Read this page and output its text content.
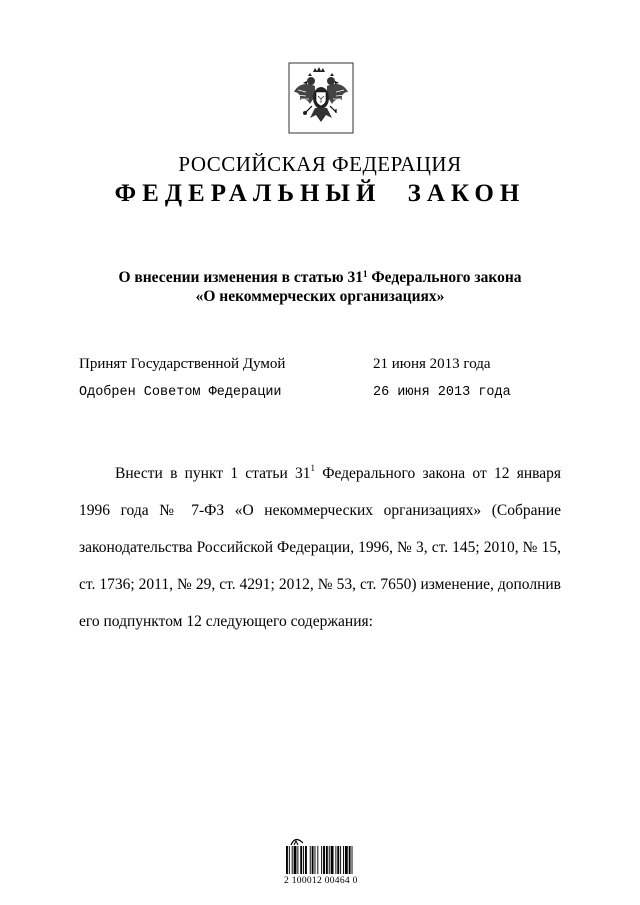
РОССИЙСКАЯ ФЕДЕРАЦИЯ
ФЕДЕРАЛЬНЫЙ ЗАКОН
О внесении изменения в статью $31^1$ Федерального закона
«О некоммерческих организациях»
Принят Государственной Думой	21 июня 2013 года
Одобрен Советом Федерации	26 июня 2013 года

Внести в пункт 1 статьи $31^1$ Федерального закона от 12 января 1996 года № 7-ФЗ «О некоммерческих организациях» (Собрание законодательства Российской Федерации, 1996, № 3, ст. 145; 2010, № 15, ст. 1736; 2011, № 29, ст. 4291; 2012, № 53, ст. 7650) изменение, дополнив его подпунктом 12 следующего содержания:

2 100012 00464 0
